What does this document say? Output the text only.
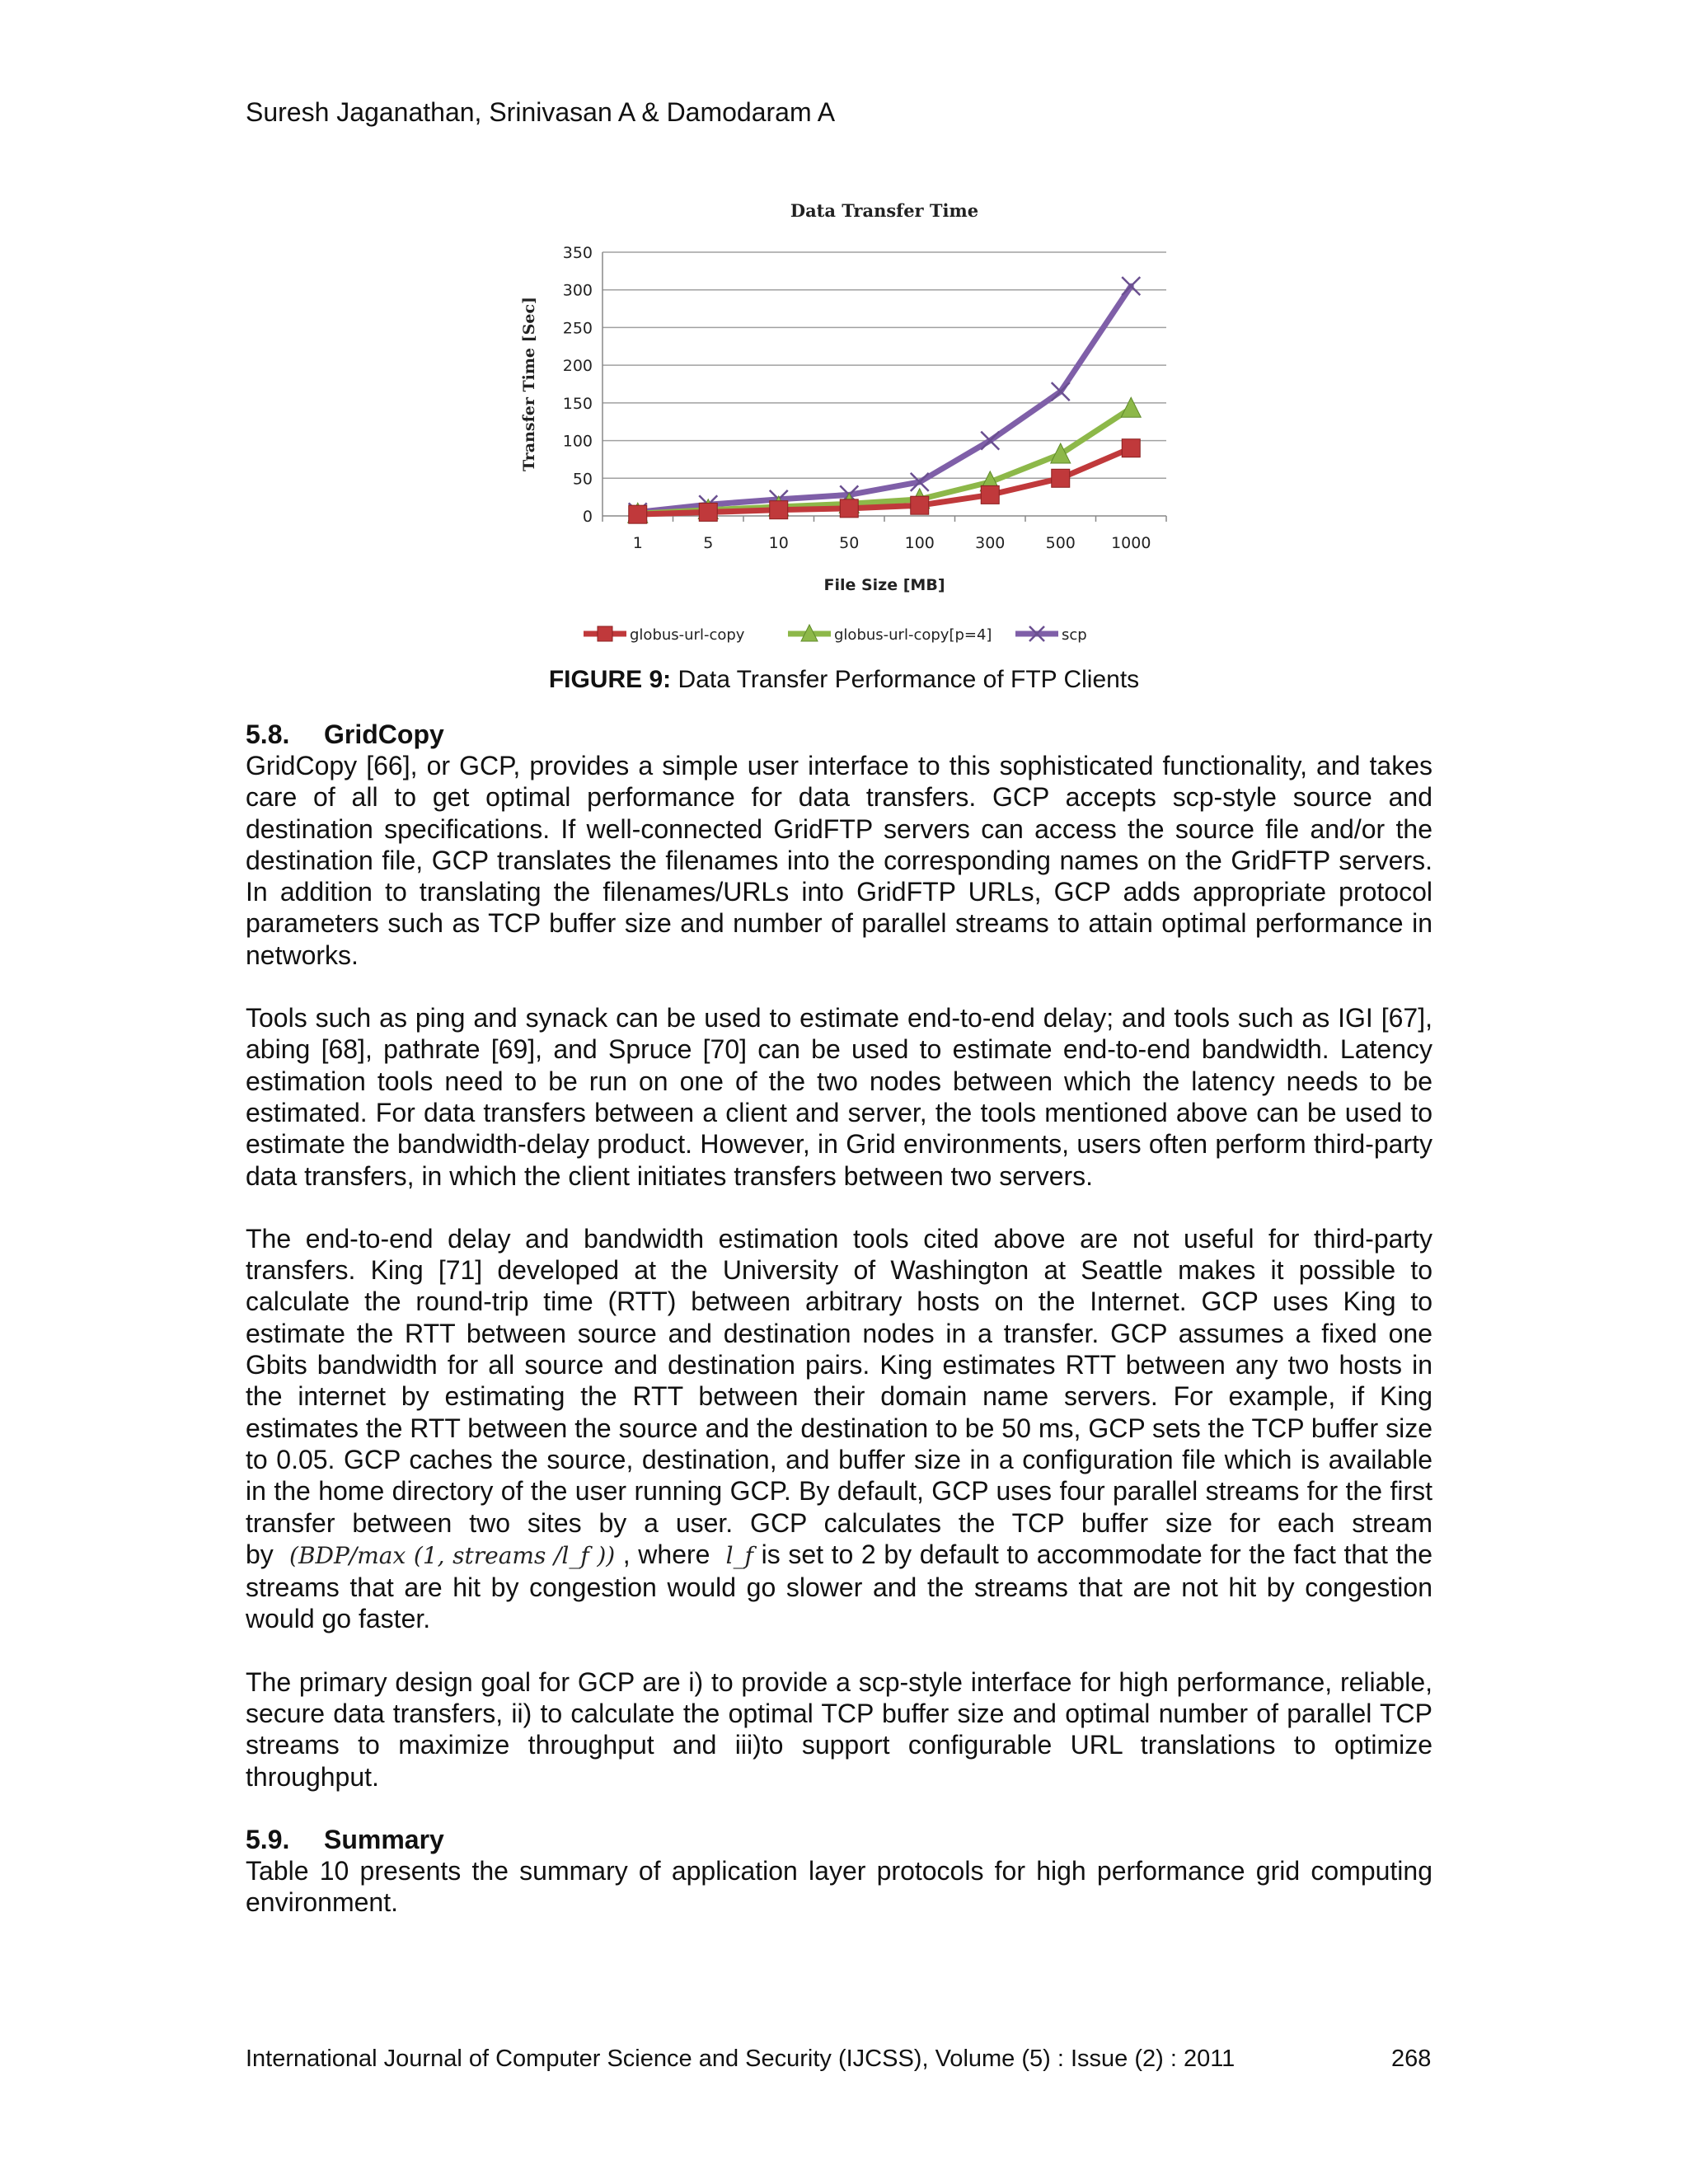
Suresh Jaganathan, Srinivasan A & Damodaram A
Data Transfer Time
0
50
100
150
200
250
300
350
1	5	10	50	100	300	500 1000
File Size [MB]
Transfer Time [Sec]
globus-url-copy	globus-url-copy[p=4]	scp
FIGURE 9: Data Transfer Performance of FTP Clients
5.8. GridCopy

GridCopy [66], or GCP, provides a simple user interface to this sophisticated functionality, and takes care of all to get optimal performance for data transfers. GCP accepts scp-style source and destination specifications. If well-connected GridFTP servers can access the source file and/or the destination file, GCP translates the filenames into the corresponding names on the GridFTP servers. In addition to translating the filenames/URLs into GridFTP URLs, GCP adds appropriate protocol parameters such as TCP buffer size and number of parallel streams to attain optimal performance in networks.

Tools such as ping and synack can be used to estimate end-to-end delay; and tools such as IGI [67], abing [68], pathrate [69], and Spruce [70] can be used to estimate end-to-end bandwidth. Latency estimation tools need to be run on one of the two nodes between which the latency needs to be estimated. For data transfers between a client and server, the tools mentioned above can be used to estimate the bandwidth-delay product. However, in Grid environments, users often perform third-party data transfers, in which the client initiates transfers between two servers.

The end-to-end delay and bandwidth estimation tools cited above are not useful for third-party transfers. King [71] developed at the University of Washington at Seattle makes it possible to calculate the round-trip time (RTT) between arbitrary hosts on the Internet. GCP uses King to estimate the RTT between source and destination nodes in a transfer. GCP assumes a fixed one Gbits bandwidth for all source and destination pairs. King estimates RTT between any two hosts in the internet by estimating the RTT between their domain name servers. For example, if King estimates the RTT between the source and the destination to be 50 ms, GCP sets the TCP buffer size to 0.05. GCP caches the source, destination, and buffer size in a configuration file which is available in the home directory of the user running GCP. By default, GCP uses four parallel streams for the first transfer between two sites by a user. GCP calculates the TCP buffer size for each stream by (BDP/max (1, streams /l_f )) , where l_f is set to 2 by default to accommodate for the fact that the streams that are hit by congestion would go slower and the streams that are not hit by congestion would go faster.

The primary design goal for GCP are i) to provide a scp-style interface for high performance, reliable, secure data transfers, ii) to calculate the optimal TCP buffer size and optimal number of parallel TCP streams to maximize throughput and iii)to support configurable URL translations to optimize throughput.

5.9. Summary

Table 10 presents the summary of application layer protocols for high performance grid computing environment.

International Journal of Computer Science and Security (IJCSS), Volume (5) : Issue (2) : 2011	268
